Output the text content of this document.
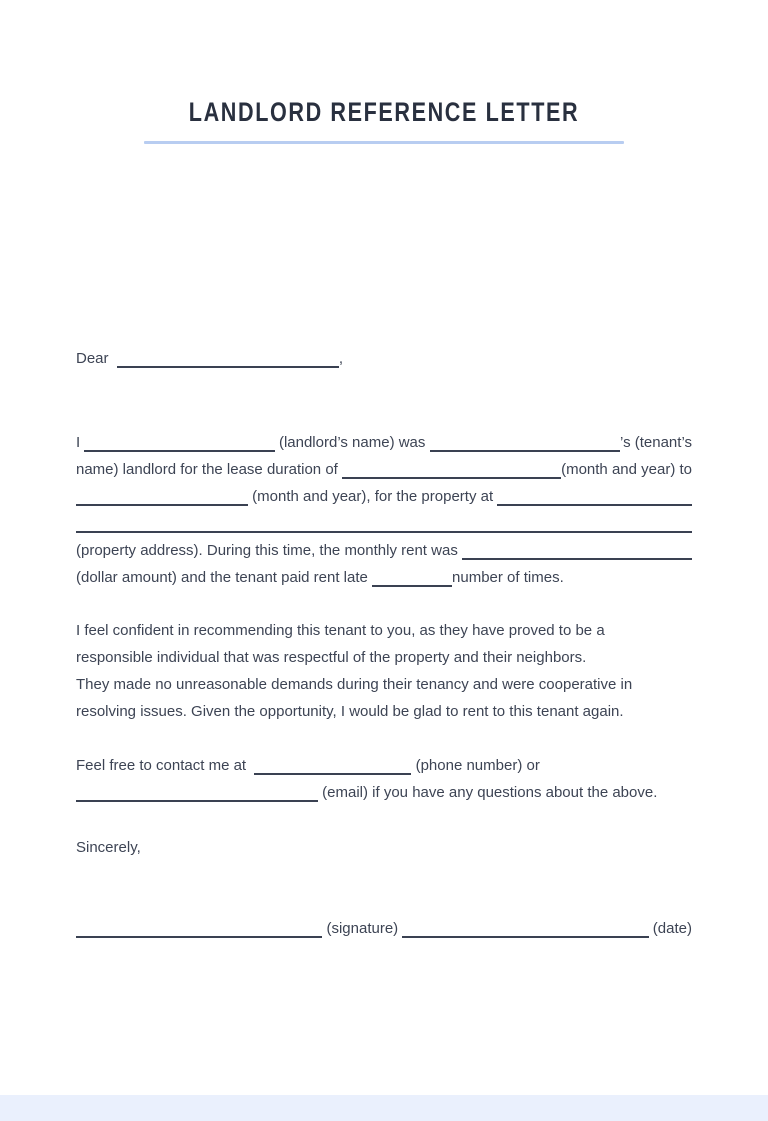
LANDLORD REFERENCE LETTER
Dear	,
I	(landlord’s name) was	’s (tenant’s
name) landlord for the lease duration of	(month and year) to
(month and year), for the property at
(property address). During this time, the monthly rent was
(dollar amount) and the tenant paid rent late	number of times.
I feel confident in recommending this tenant to you, as they have proved to be a
responsible individual that was respectful of the property and their neighbors.
They made no unreasonable demands during their tenancy and were cooperative in
resolving issues. Given the opportunity, I would be glad to rent to this tenant again.
Feel free to contact me at	(phone number) or
(email) if you have any questions about the above.
Sincerely,
(signature)	(date)
